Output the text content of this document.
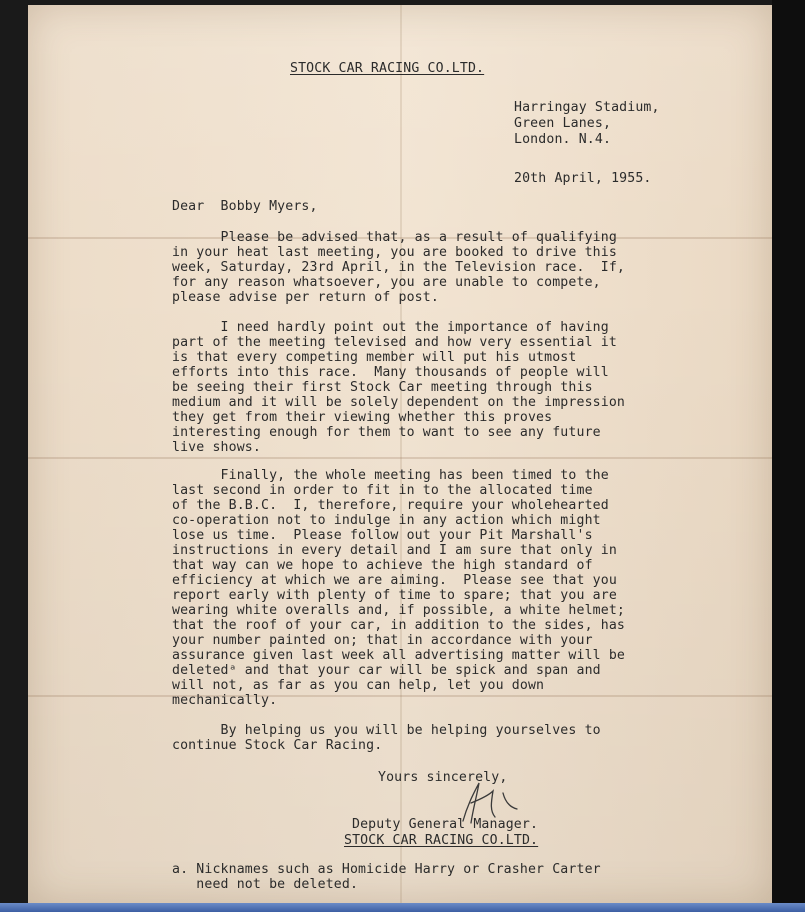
STOCK CAR RACING CO.LTD.

Harringay Stadium,

Green Lanes,

London. N.4.

20th April, 1955.

Dear  Bobby Myers,

Please be advised that, as a result of qualifying

in your heat last meeting, you are booked to drive this

week, Saturday, 23rd April, in the Television race.  If,

for any reason whatsoever, you are unable to compete,

please advise per return of post.

I need hardly point out the importance of having

part of the meeting televised and how very essential it

is that every competing member will put his utmost

efforts into this race.  Many thousands of people will

be seeing their first Stock Car meeting through this

medium and it will be solely dependent on the impression

they get from their viewing whether this proves

interesting enough for them to want to see any future

live shows.

Finally, the whole meeting has been timed to the

last second in order to fit in to the allocated time

of the B.B.C.  I, therefore, require your wholehearted

co-operation not to indulge in any action which might

lose us time.  Please follow out your Pit Marshall's

instructions in every detail and I am sure that only in

that way can we hope to achieve the high standard of

efficiency at which we are aiming.  Please see that you

report early with plenty of time to spare; that you are

wearing white overalls and, if possible, a white helmet;

that the roof of your car, in addition to the sides, has

your number painted on; that in accordance with your

assurance given last week all advertising matter will be

deletedᵃ and that your car will be spick and span and

will not, as far as you can help, let you down

mechanically.

By helping us you will be helping yourselves to

continue Stock Car Racing.

Yours sincerely,

Deputy General Manager.

STOCK CAR RACING CO.LTD.

a. Nicknames such as Homicide Harry or Crasher Carter

need not be deleted.
